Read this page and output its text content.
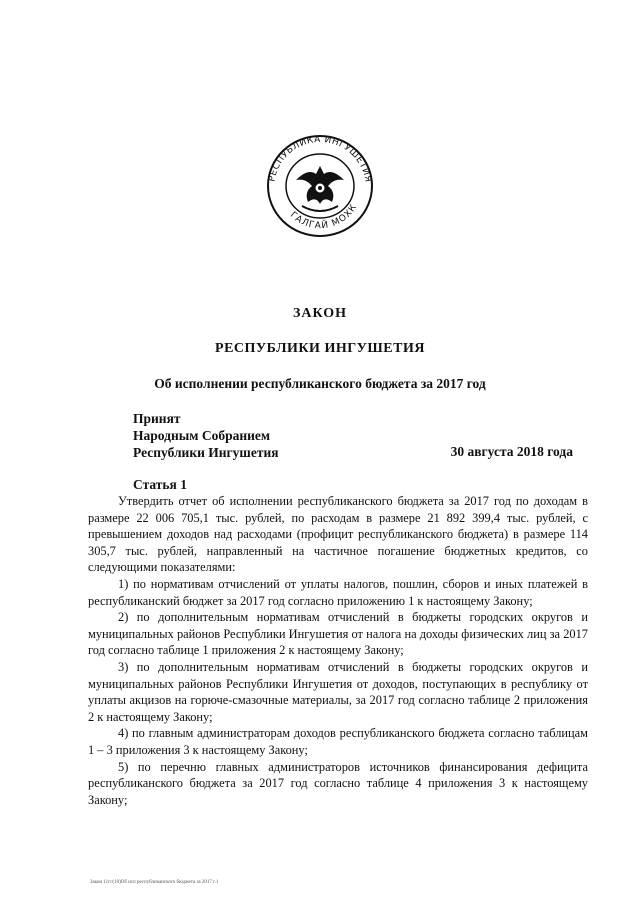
РЕСПУБЛИКА ИНГУШЕТИЯ
ГАЛГАЙ МОХК
ЗАКОН
РЕСПУБЛИКИ ИНГУШЕТИЯ
Об исполнении республиканского бюджета за 2017 год
Принят
Народным Собранием
Республики Ингушетия	30 августа 2018 года
Статья 1

Утвердить отчет об исполнении республиканского бюджета за 2017 год по доходам в размере 22 006 705,1 тыс. рублей, по расходам в размере 21 892 399,4 тыс. рублей, с превышением доходов над расходами (профицит республиканского бюджета) в размере 114 305,7 тыс. рублей, направленный на частичное погашение бюджетных кредитов, со следующими показателями:

1) по нормативам отчислений от уплаты налогов, пошлин, сборов и иных платежей в республиканский бюджет за 2017 год согласно приложению 1 к настоящему Закону;

2) по дополнительным нормативам отчислений в бюджеты городских округов и муниципальных районов Республики Ингушетия от налога на доходы физических лиц за 2017 год согласно таблице 1 приложения 2 к настоящему Закону;

3) по дополнительным нормативам отчислений в бюджеты городских округов и муниципальных районов Республики Ингушетия от доходов, поступающих в республику от уплаты акцизов на горюче-смазочные материалы, за 2017 год согласно таблице 2 приложения 2 к настоящему Закону;

4) по главным администраторам доходов республиканского бюджета согласно таблицам 1 – 3 приложения 3 к настоящему Закону;

5) по перечню главных администраторов источников финансирования дефицита республиканского бюджета за 2017 год согласно таблице 4 приложения 3 к настоящему Закону;

Закон 11гс(10)Об исп республиканского бюджета за 2017 г.1
